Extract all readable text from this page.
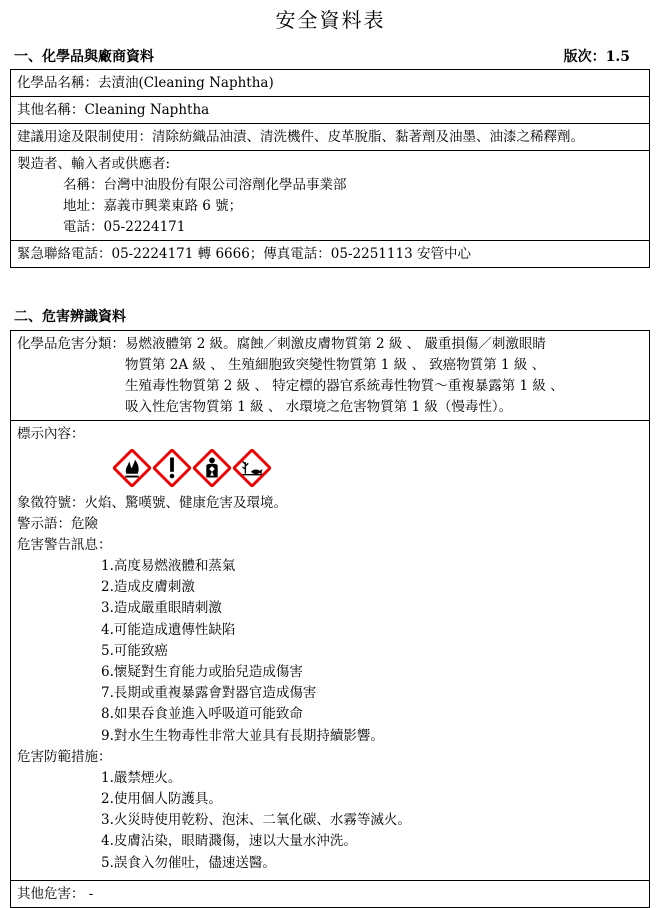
安全資料表
一、化學品與廠商資料	版次：1.5
化學品名稱：去漬油(Cleaning Naphtha)
其他名稱：Cleaning Naphtha

建議用途及限制使用：清除紡織品油漬、清洗機件、皮革脫脂、黏著劑及油墨、油漆之稀釋劑。

製造者、輸入者或供應者:
名稱：台灣中油股份有限公司溶劑化學品事業部
地址：嘉義市興業東路 6 號；
電話：05-2224171

緊急聯絡電話：05-2224171 轉 6666；傳真電話：05-2251113 安管中心
二、危害辨識資料
化學品危害分類： 易燃液體第 2 級。腐蝕／刺激皮膚物質第 2 級 、 嚴重損傷／刺激眼睛
物質第 2A 級 、 生殖細胞致突變性物質第 1 級 、 致癌物質第 1 級 、
生殖毒性物質第 2 級 、 特定標的器官系統毒性物質～重複暴露第 1 級 、
吸入性危害物質第 1 級 、 水環境之危害物質第 1 級（慢毒性）。

標示內容：
象徵符號：火焰、驚嘆號、健康危害及環境。
警示語：危險
危害警告訊息：
1.高度易燃液體和蒸氣
2.造成皮膚刺激
3.造成嚴重眼睛刺激
4.可能造成遺傳性缺陷
5.可能致癌
6.懷疑對生育能力或胎兒造成傷害
7.長期或重複暴露會對器官造成傷害
8.如果吞食並進入呼吸道可能致命
9.對水生生物毒性非常大並具有長期持續影響。
危害防範措施：
1.嚴禁煙火。
2.使用個人防護具。
3.火災時使用乾粉、泡沫、二氧化碳、水霧等滅火。
4.皮膚沾染，眼睛濺傷，速以大量水沖洗。
5.誤食入勿催吐，儘速送醫。

其他危害： -
